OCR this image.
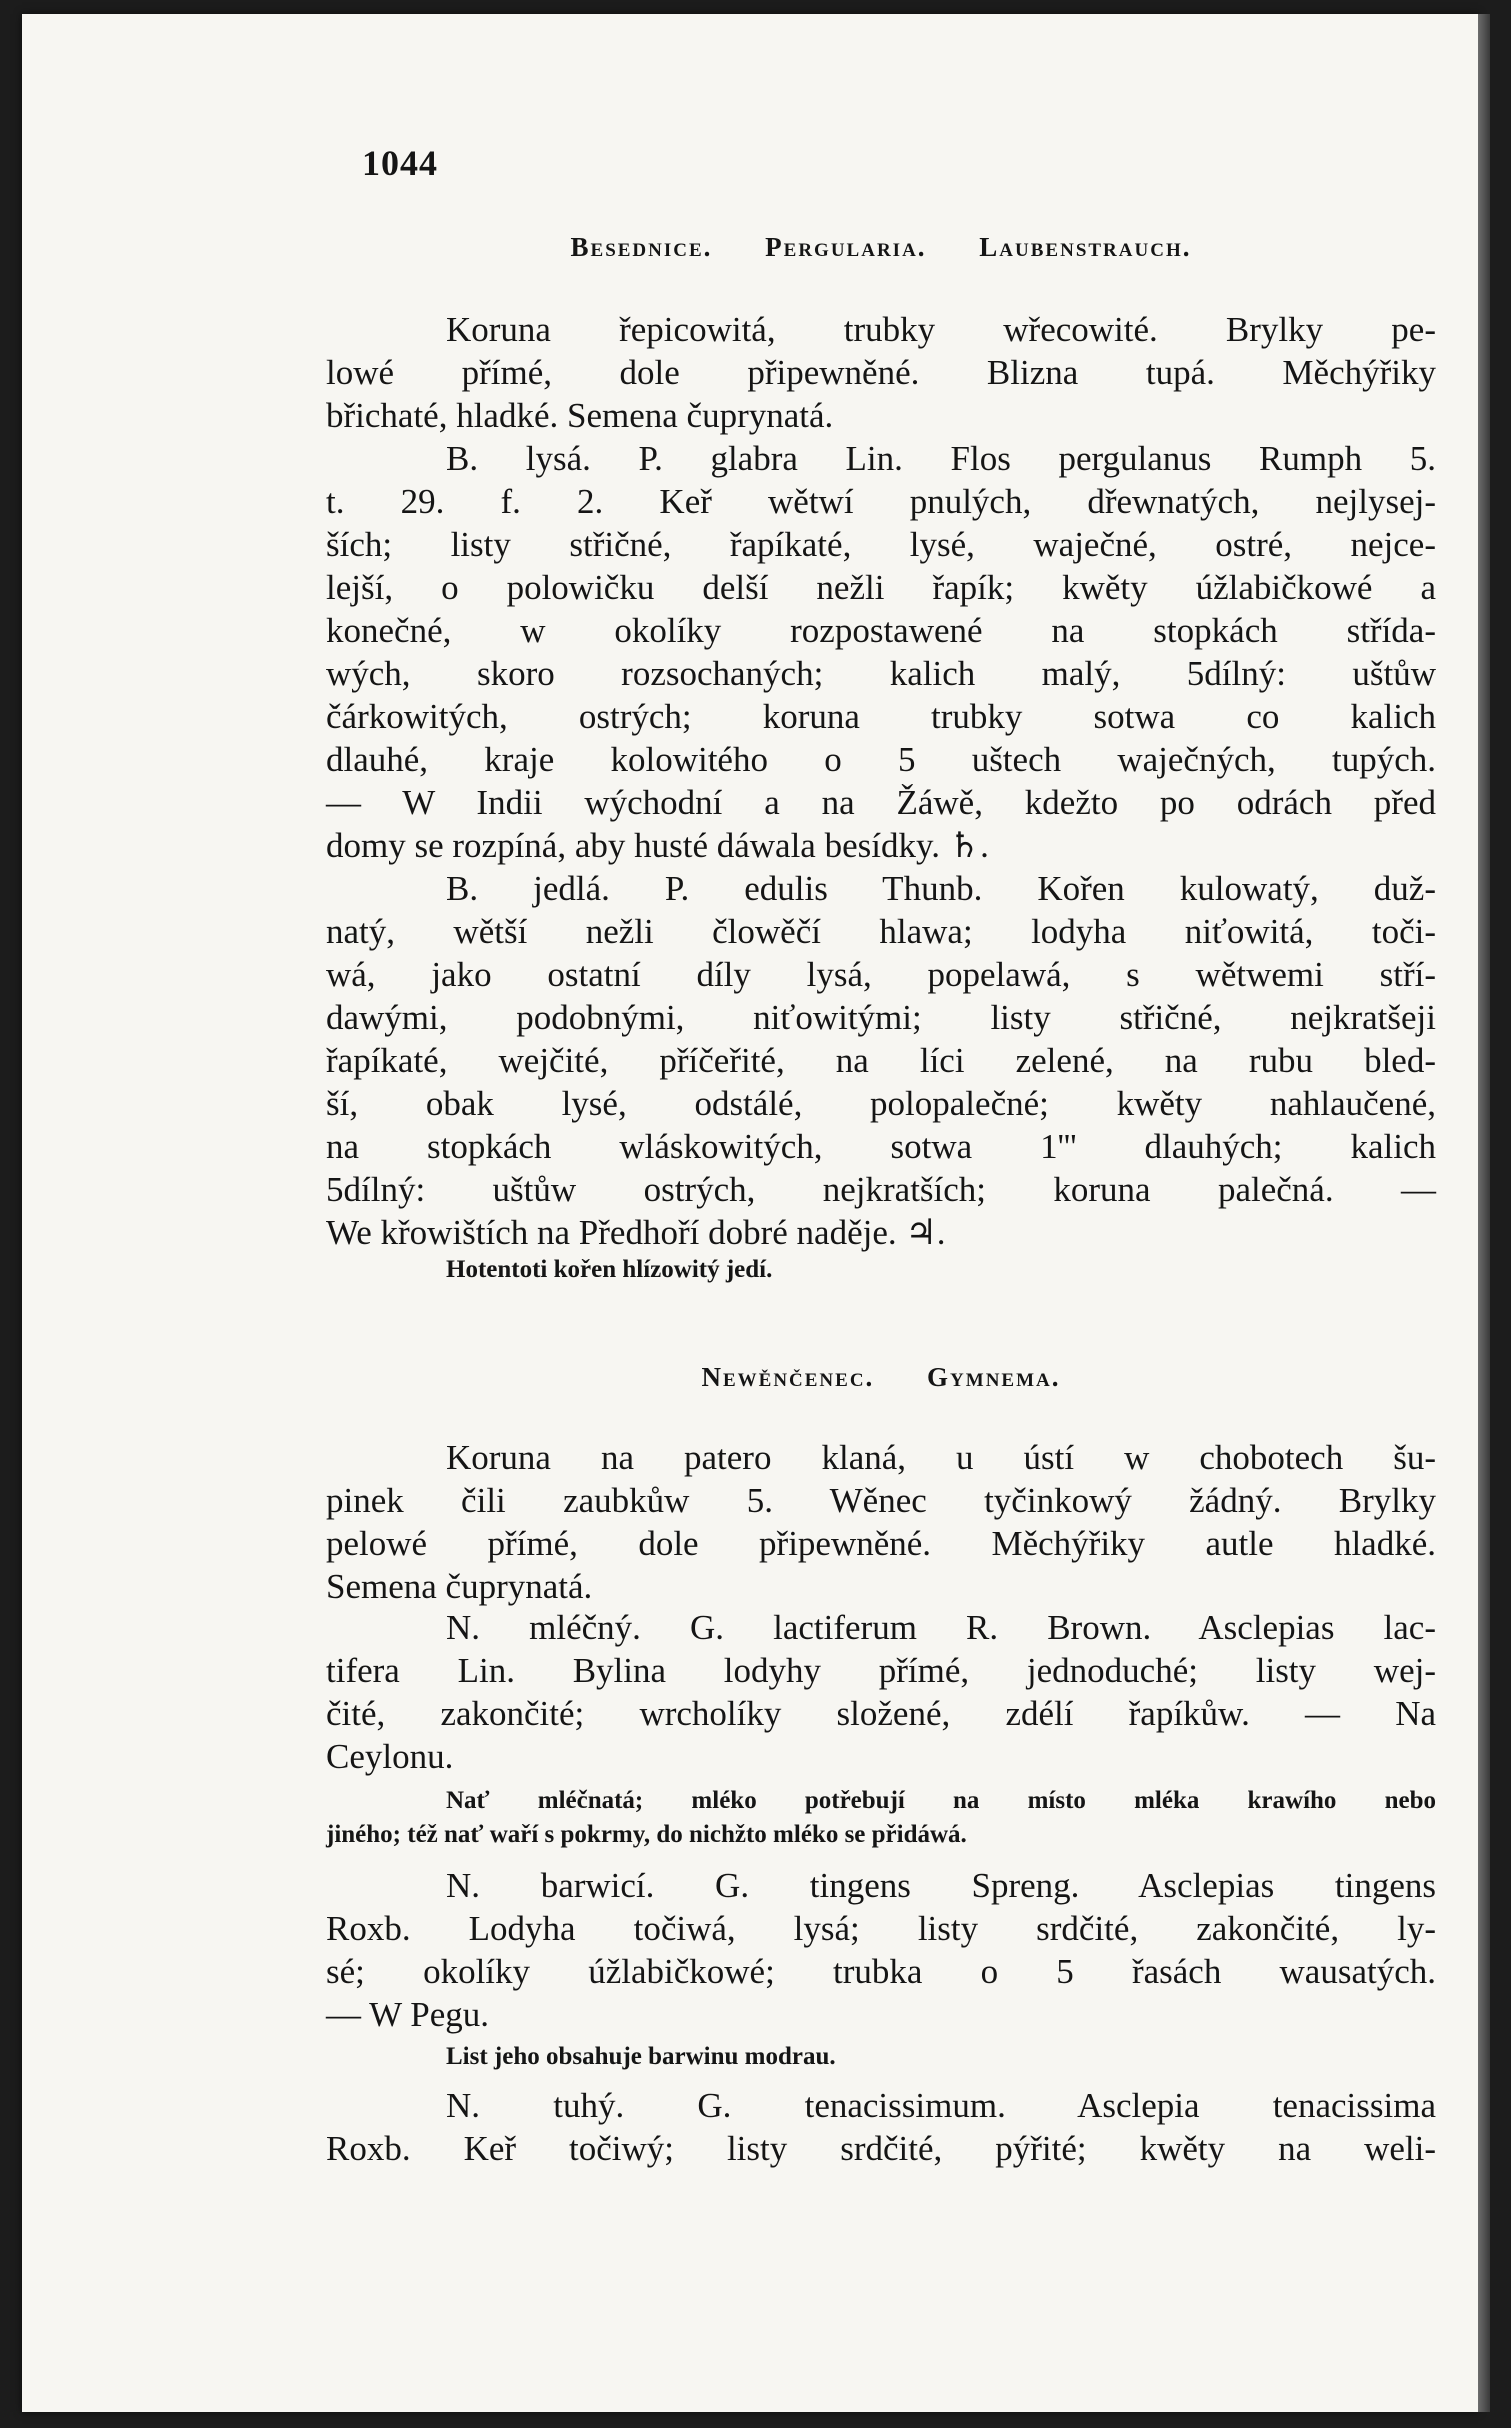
1044
Besednice. Pergularia. Laubenstrauch.
Koruna řepicowitá, trubky wřecowité. Brylky pe-
lowé přímé, dole připewněné. Blizna tupá. Měchýřiky
břichaté, hladké. Semena čuprynatá.
B. lysá. P. glabra Lin. Flos pergulanus Rumph 5.
t. 29. f. 2. Keř wětwí pnulých, dřewnatých, nejlysej-
ších; listy střičné, řapíkaté, lysé, waječné, ostré, nejce-
lejší, o polowičku delší nežli řapík; kwěty úžlabičkowé a
konečné, w okolíky rozpostawené na stopkách střída-
wých, skoro rozsochaných; kalich malý, 5dílný: uštůw
čárkowitých, ostrých; koruna trubky sotwa co kalich
dlauhé, kraje kolowitého o 5 uštech waječných, tupých.
— W Indii wýchodní a na Žáwě, kdežto po odrách před
domy se rozpíná, aby husté dáwala besídky. ♄.
B. jedlá. P. edulis Thunb. Kořen kulowatý, duž-
natý, wětší nežli člowěčí hlawa; lodyha niťowitá, toči-
wá, jako ostatní díly lysá, popelawá, s wětwemi stří-
dawými, podobnými, niťowitými; listy střičné, nejkratšeji
řapíkaté, wejčité, příčeřité, na líci zelené, na rubu bled-
ší, obak lysé, odstálé, polopalečné; kwěty nahlaučené,
na stopkách wláskowitých, sotwa 1''' dlauhých; kalich
5dílný: uštůw ostrých, nejkratších; koruna palečná. —
We křowištích na Předhoří dobré naděje. ♃.
Hotentoti kořen hlízowitý jedí.
Newěnčenec. Gymnema.
Koruna na patero klaná, u ústí w chobotech šu-
pinek čili zaubkůw 5. Wěnec tyčinkowý žádný. Brylky
pelowé přímé, dole připewněné. Měchýřiky autle hladké.
Semena čuprynatá.
N. mléčný. G. lactiferum R. Brown. Asclepias lac-
tifera Lin. Bylina lodyhy přímé, jednoduché; listy wej-
čité, zakončité; wrcholíky složené, zdélí řapíkůw. — Na
Ceylonu.
Nať mléčnatá; mléko potřebují na místo mléka krawího nebo
jiného; též nať waří s pokrmy, do nichžto mléko se přidáwá.
N. barwicí. G. tingens Spreng. Asclepias tingens
Roxb. Lodyha točiwá, lysá; listy srdčité, zakončité, ly-
sé; okolíky úžlabičkowé; trubka o 5 řasách wausatých.
— W Pegu.
List jeho obsahuje barwinu modrau.
N. tuhý. G. tenacissimum. Asclepia tenacissima
Roxb. Keř točiwý; listy srdčité, pýřité; kwěty na weli-
